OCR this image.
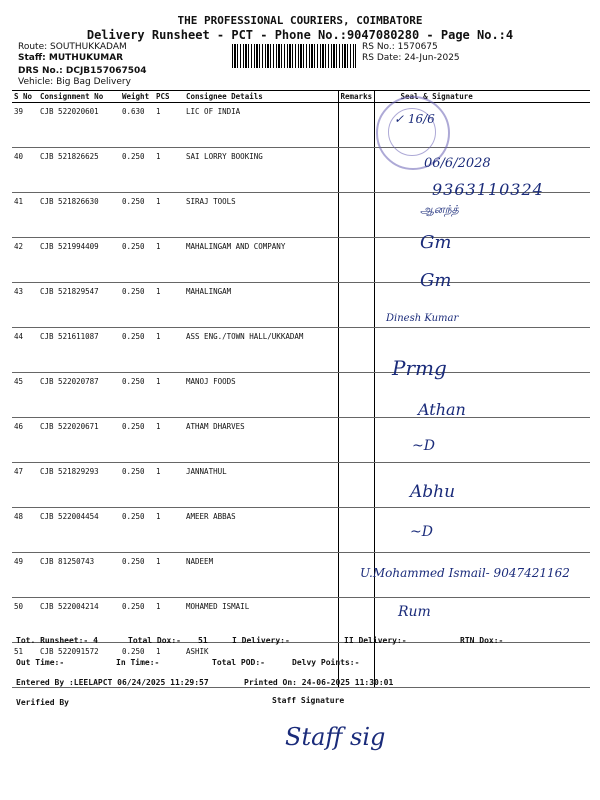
THE PROFESSIONAL COURIERS, COIMBATORE
Delivery Runsheet - PCT - Phone No.:9047080280 - Page No.:4
Route: SOUTHUKKADAM
Staff: MUTHUKUMAR
DRS No.: DCJB157067504
Vehicle: Big Bag Delivery
RS No.: 1570675
RS Date: 24-Jun-2025
S No	Consignment No	Weight	PCS	Consignee Details	Remarks	Seal & Signature
39	CJB 522020601	0.630	1	LIC OF INDIA		
40	CJB 521826625	0.250	1	SAI LORRY BOOKING		
41	CJB 521826630	0.250	1	SIRAJ TOOLS		
42	CJB 521994409	0.250	1	MAHALINGAM AND COMPANY		
43	CJB 521829547	0.250	1	MAHALINGAM		
44	CJB 521611087	0.250	1	ASS ENG./TOWN HALL/UKKADAM		
45	CJB 522020787	0.250	1	MANOJ FOODS		
46	CJB 522020671	0.250	1	ATHAM DHARVES		
47	CJB 521829293	0.250	1	JANNATHUL		
48	CJB 522004454	0.250	1	AMEER ABBAS		
49	CJB 81250743	0.250	1	NADEEM		
50	CJB 522004214	0.250	1	MOHAMED ISMAIL		
51	CJB 522091572	0.250	1	ASHIK		
✓ 16/6
06/6/2028
9363110324
ஆனந்த்
Gm
Gm
Dinesh Kumar
Prmg
Athan
~D
Abhu
~D
U.Mohammed Ismail- 9047421162
Rum
Tot. Runsheet:- 4	Total Dox:- 51	I Delivery:-	II Delivery:-	RTN Dox:-
Out Time:-	In Time:-	Total POD:-	Delvy Points:-
Entered By :LEELAPCT 06/24/2025 11:29:57	Printed On: 24-06-2025 11:30:01
Verified By	Staff Signature
Staff sig
